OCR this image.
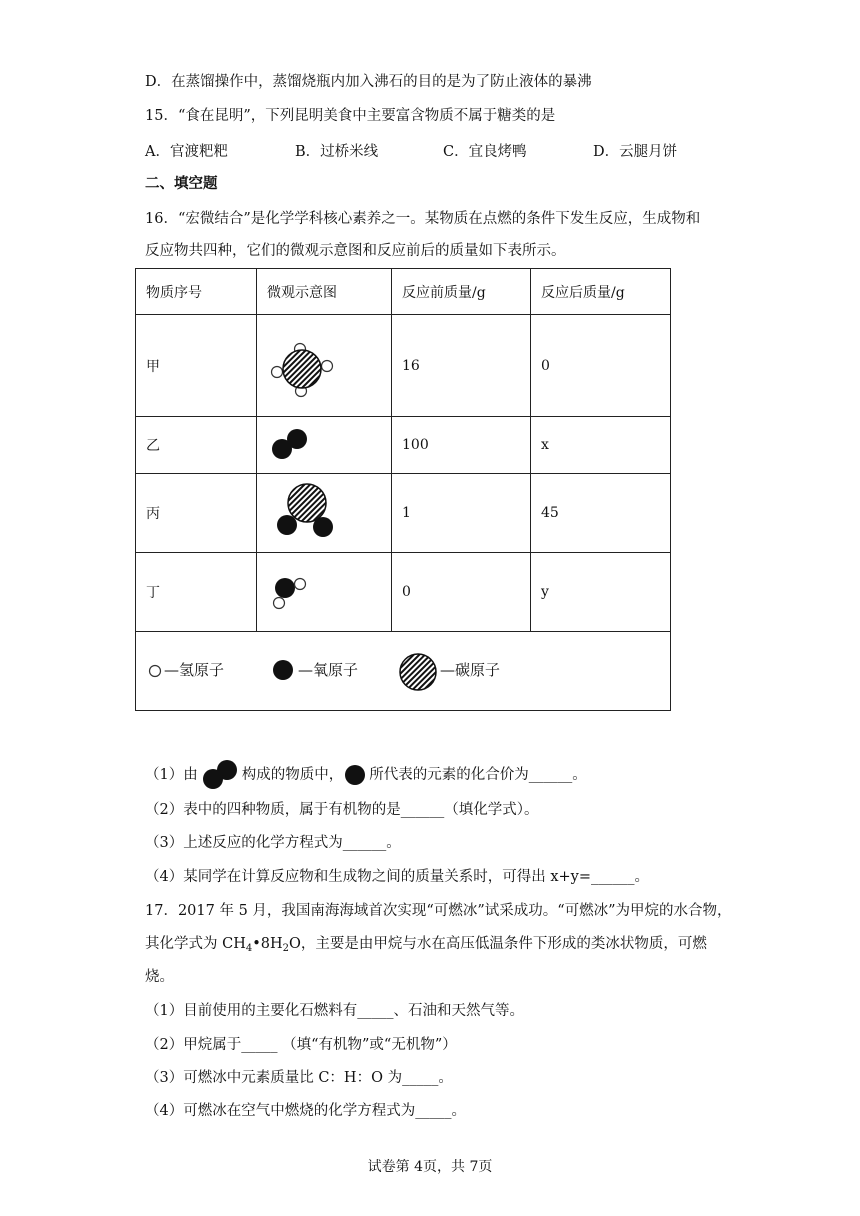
D．在蒸馏操作中，蒸馏烧瓶内加入沸石的目的是为了防止液体的暴沸
15．“食在昆明”，下列昆明美食中主要富含物质不属于糖类的是
A．官渡粑粑	B．过桥米线	C．宜良烤鸭	D．云腿月饼
二、填空题
16．“宏微结合”是化学学科核心素养之一。某物质在点燃的条件下发生反应，生成物和
反应物共四种，它们的微观示意图和反应前后的质量如下表所示。
物质序号	微观示意图	反应前质量/g	反应后质量/g
甲		16	0
乙		100	x
丙		1	45
丁		0	y

—氢原子 —氧原子 —碳原子			
（1）由	构成的物质中， 所代表的元素的化合价为______。
（2）表中的四种物质，属于有机物的是______（填化学式）。
（3）上述反应的化学方程式为______。
（4）某同学在计算反应物和生成物之间的质量关系时，可得出 x+y=______。
17．2017 年 5 月，我国南海海域首次实现“可燃冰”试采成功。“可燃冰”为甲烷的水合物，
其化学式为 $CH_4•8H_2O$，主要是由甲烷与水在高压低温条件下形成的类冰状物质，可燃
烧。
（1）目前使用的主要化石燃料有_____、石油和天然气等。
（2）甲烷属于_____ （填“有机物”或“无机物”）
（3）可燃冰中元素质量比 C：H：O 为_____。
（4）可燃冰在空气中燃烧的化学方程式为_____。
试卷第 4页，共 7页
